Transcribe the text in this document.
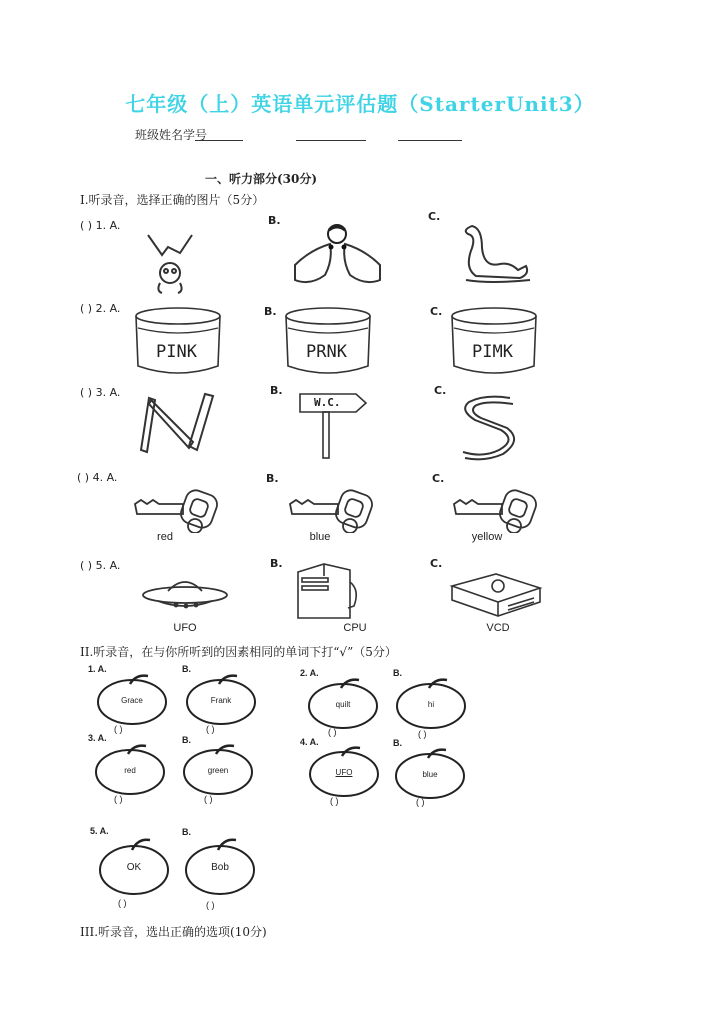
七年级（上）英语单元评估题（StarterUnit3）
班级姓名学号
一、听力部分(30分)
I.听录音，选择正确的图片（5分）
( ) 1. A.	B.	C.
( ) 2. A.	B.	C.
PINK	PRNK	PIMK
( ) 3. A.	B.	C.
W.C.
( ) 4. A.	B.	C.
red	blue	yellow
( ) 5. A.	B.	C.
UFO	CPU	VCD
II.听录音，在与你所听到的因素相同的单词下打“√”（5分）
1. A.	B.	2. A.	B.
3. A.	B.	4. A.	B.
5. A.	B.
Grace
( )
Frank
( )
quilt
( )
hi
( )
red
( )
green
( )
UFO
( )
blue
( )
OK
( )
Bob
( )
III.听录音，选出正确的选项(10分)
